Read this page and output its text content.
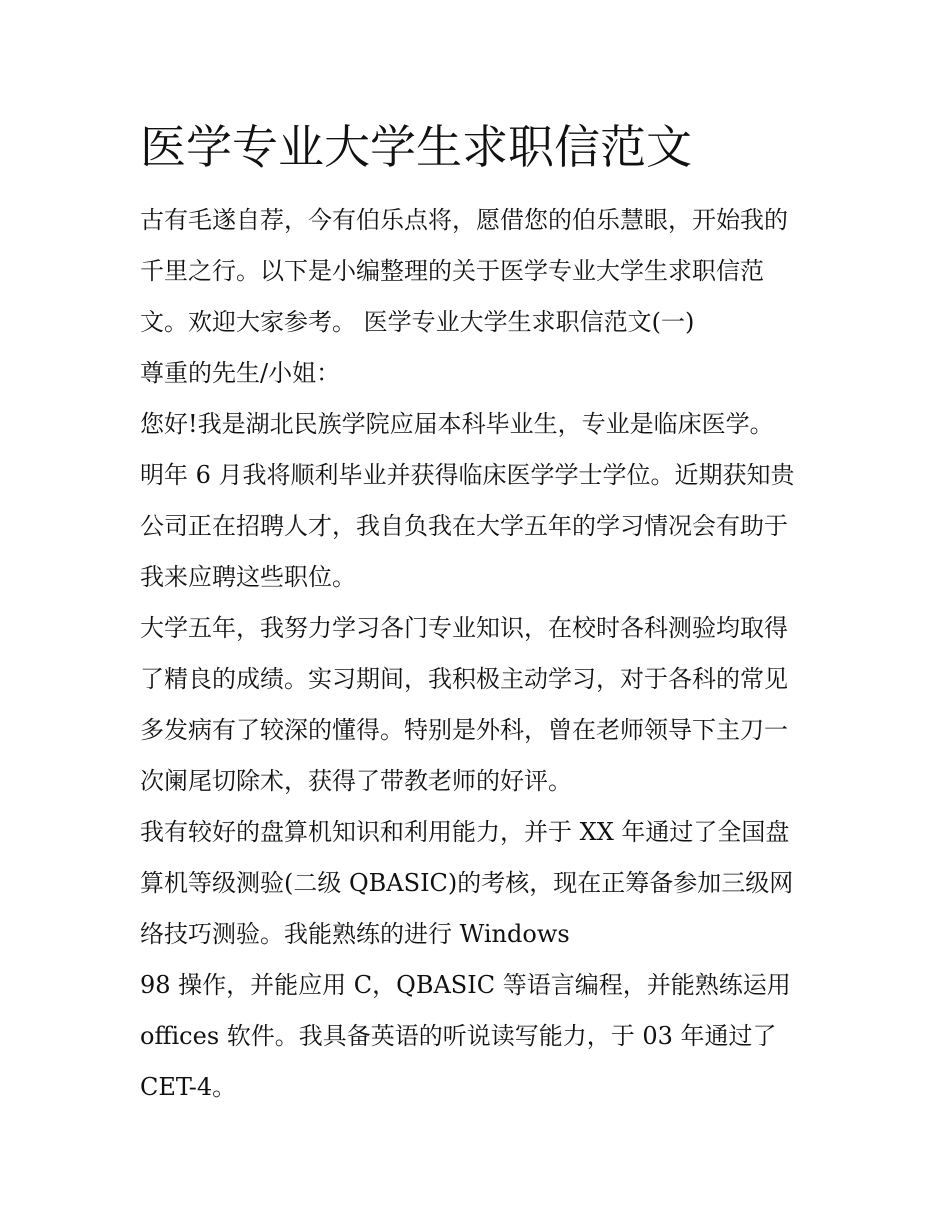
医学专业大学生求职信范文

古有毛遂自荐，今有伯乐点将，愿借您的伯乐慧眼，开始我的

千里之行。以下是小编整理的关于医学专业大学生求职信范

文。欢迎大家参考。 医学专业大学生求职信范文(一)

尊重的先生/小姐：

您好!我是湖北民族学院应届本科毕业生，专业是临床医学。

明年 6 月我将顺利毕业并获得临床医学学士学位。近期获知贵

公司正在招聘人才，我自负我在大学五年的学习情况会有助于

我来应聘这些职位。

大学五年，我努力学习各门专业知识，在校时各科测验均取得

了精良的成绩。实习期间，我积极主动学习，对于各科的常见

多发病有了较深的懂得。特别是外科，曾在老师领导下主刀一

次阑尾切除术，获得了带教老师的好评。

我有较好的盘算机知识和利用能力，并于 XX 年通过了全国盘

算机等级测验(二级 QBASIC)的考核，现在正筹备参加三级网

络技巧测验。我能熟练的进行 Windows

98 操作，并能应用 C，QBASIC 等语言编程，并能熟练运用

offices 软件。我具备英语的听说读写能力，于 03 年通过了

CET-4。
